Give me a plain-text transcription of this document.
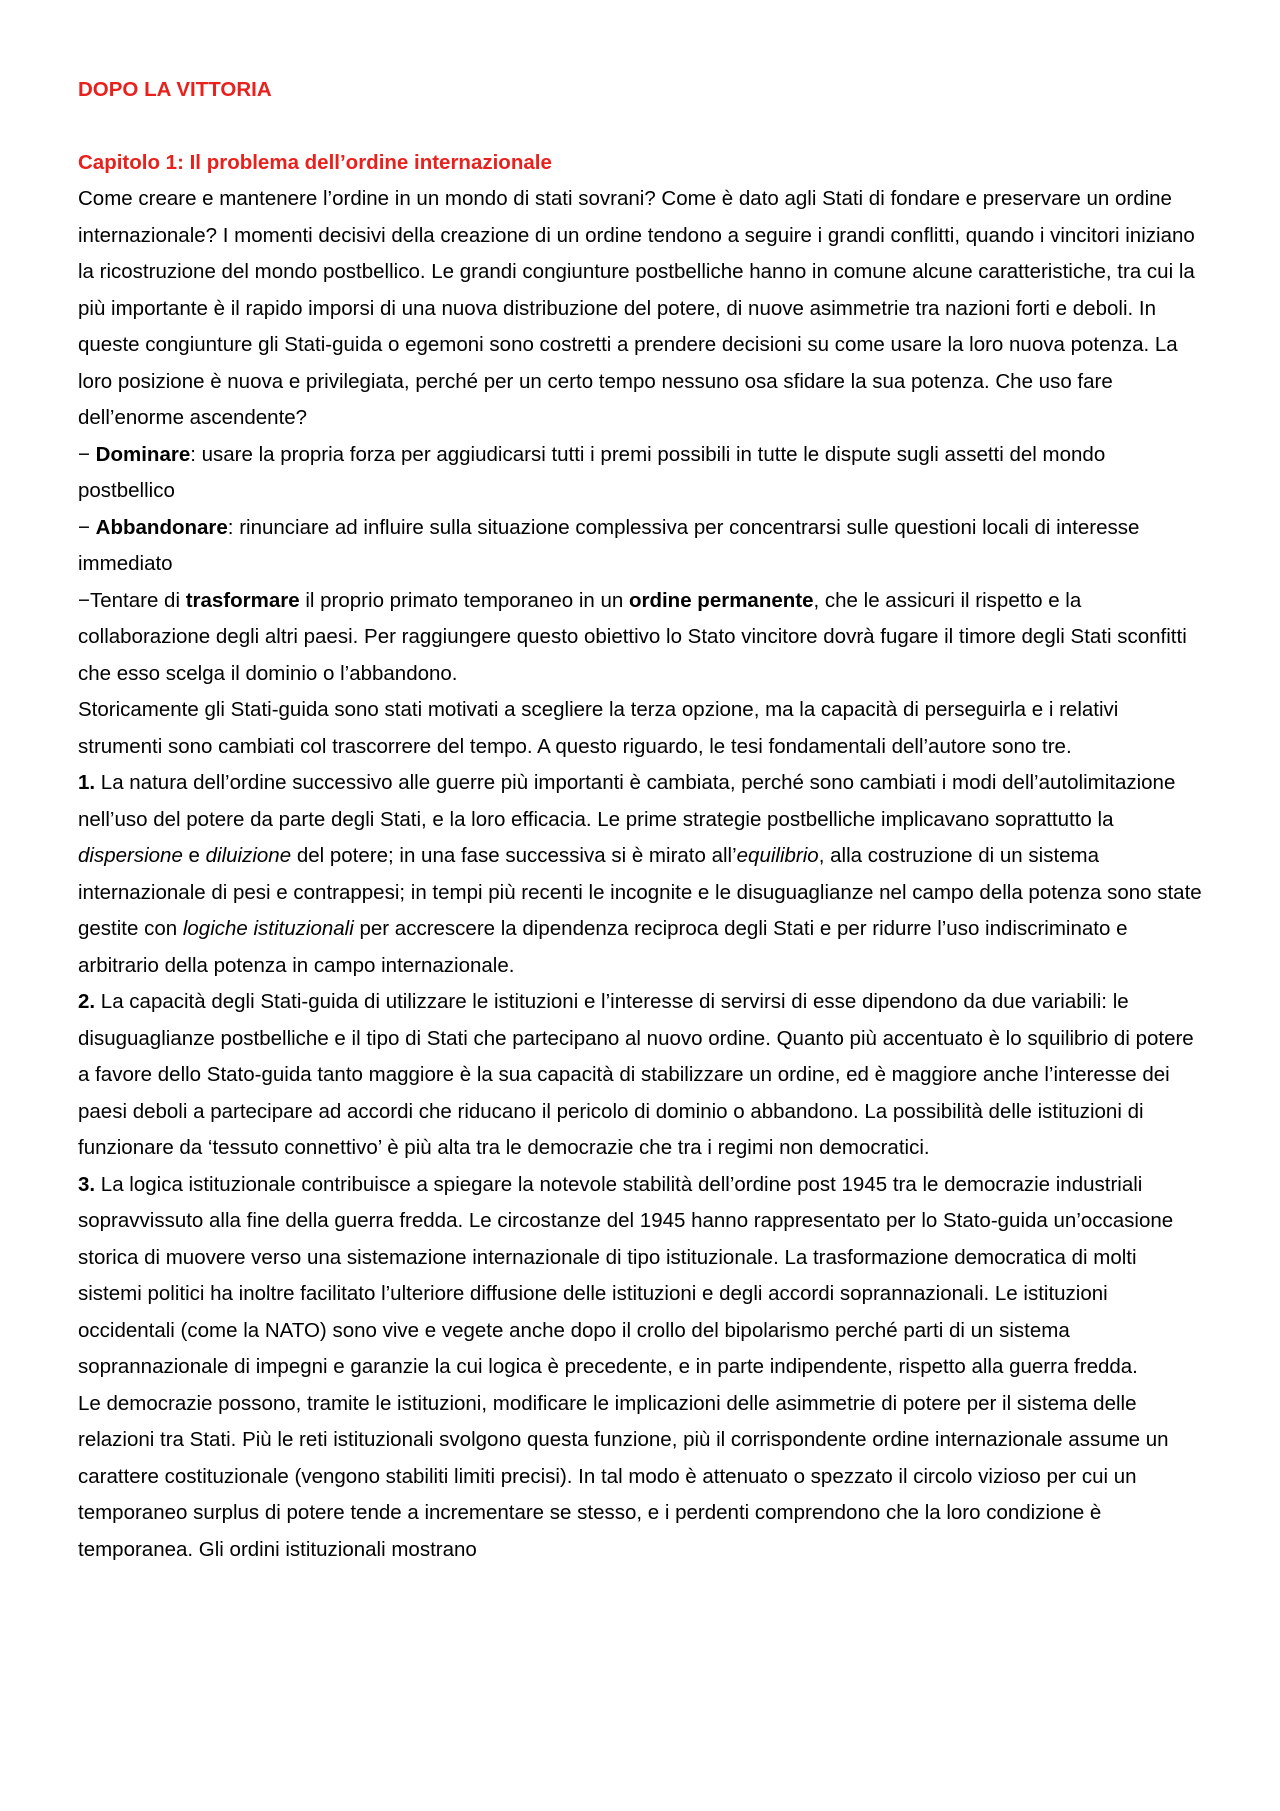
DOPO LA VITTORIA
Capitolo 1: Il problema dell’ordine internazionale

Come creare e mantenere l’ordine in un mondo di stati sovrani? Come è dato agli Stati di fondare e preservare un ordine internazionale? I momenti decisivi della creazione di un ordine tendono a seguire i grandi conflitti, quando i vincitori iniziano la ricostruzione del mondo postbellico. Le grandi congiunture postbelliche hanno in comune alcune caratteristiche, tra cui la più importante è il rapido imporsi di una nuova distribuzione del potere, di nuove asimmetrie tra nazioni forti e deboli. In queste congiunture gli Stati-guida o egemoni sono costretti a prendere decisioni su come usare la loro nuova potenza. La loro posizione è nuova e privilegiata, perché per un certo tempo nessuno osa sfidare la sua potenza. Che uso fare dell’enorme ascendente?

− Dominare: usare la propria forza per aggiudicarsi tutti i premi possibili in tutte le dispute sugli assetti del mondo postbellico

− Abbandonare: rinunciare ad influire sulla situazione complessiva per concentrarsi sulle questioni locali di interesse immediato

−Tentare di trasformare il proprio primato temporaneo in un ordine permanente, che le assicuri il rispetto e la collaborazione degli altri paesi. Per raggiungere questo obiettivo lo Stato vincitore dovrà fugare il timore degli Stati sconfitti che esso scelga il dominio o l’abbandono.

Storicamente gli Stati-guida sono stati motivati a scegliere la terza opzione, ma la capacità di perseguirla e i relativi strumenti sono cambiati col trascorrere del tempo. A questo riguardo, le tesi fondamentali dell’autore sono tre.

1. La natura dell’ordine successivo alle guerre più importanti è cambiata, perché sono cambiati i modi dell’autolimitazione nell’uso del potere da parte degli Stati, e la loro efficacia. Le prime strategie postbelliche implicavano soprattutto la dispersione e diluizione del potere; in una fase successiva si è mirato all’equilibrio, alla costruzione di un sistema internazionale di pesi e contrappesi; in tempi più recenti le incognite e le disuguaglianze nel campo della potenza sono state gestite con logiche istituzionali per accrescere la dipendenza reciproca degli Stati e per ridurre l’uso indiscriminato e arbitrario della potenza in campo internazionale.

2. La capacità degli Stati-guida di utilizzare le istituzioni e l’interesse di servirsi di esse dipendono da due variabili: le disuguaglianze postbelliche e il tipo di Stati che partecipano al nuovo ordine. Quanto più accentuato è lo squilibrio di potere a favore dello Stato-guida tanto maggiore è la sua capacità di stabilizzare un ordine, ed è maggiore anche l’interesse dei paesi deboli a partecipare ad accordi che riducano il pericolo di dominio o abbandono. La possibilità delle istituzioni di funzionare da ‘tessuto connettivo’ è più alta tra le democrazie che tra i regimi non democratici.

3. La logica istituzionale contribuisce a spiegare la notevole stabilità dell’ordine post 1945 tra le democrazie industriali sopravvissuto alla fine della guerra fredda. Le circostanze del 1945 hanno rappresentato per lo Stato-guida un’occasione storica di muovere verso una sistemazione internazionale di tipo istituzionale. La trasformazione democratica di molti sistemi politici ha inoltre facilitato l’ulteriore diffusione delle istituzioni e degli accordi soprannazionali. Le istituzioni occidentali (come la NATO) sono vive e vegete anche dopo il crollo del bipolarismo perché parti di un sistema soprannazionale di impegni e garanzie la cui logica è precedente, e in parte indipendente, rispetto alla guerra fredda.

Le democrazie possono, tramite le istituzioni, modificare le implicazioni delle asimmetrie di potere per il sistema delle relazioni tra Stati. Più le reti istituzionali svolgono questa funzione, più il corrispondente ordine internazionale assume un carattere costituzionale (vengono stabiliti limiti precisi). In tal modo è attenuato o spezzato il circolo vizioso per cui un temporaneo surplus di potere tende a incrementare se stesso, e i perdenti comprendono che la loro condizione è temporanea. Gli ordini istituzionali mostrano
